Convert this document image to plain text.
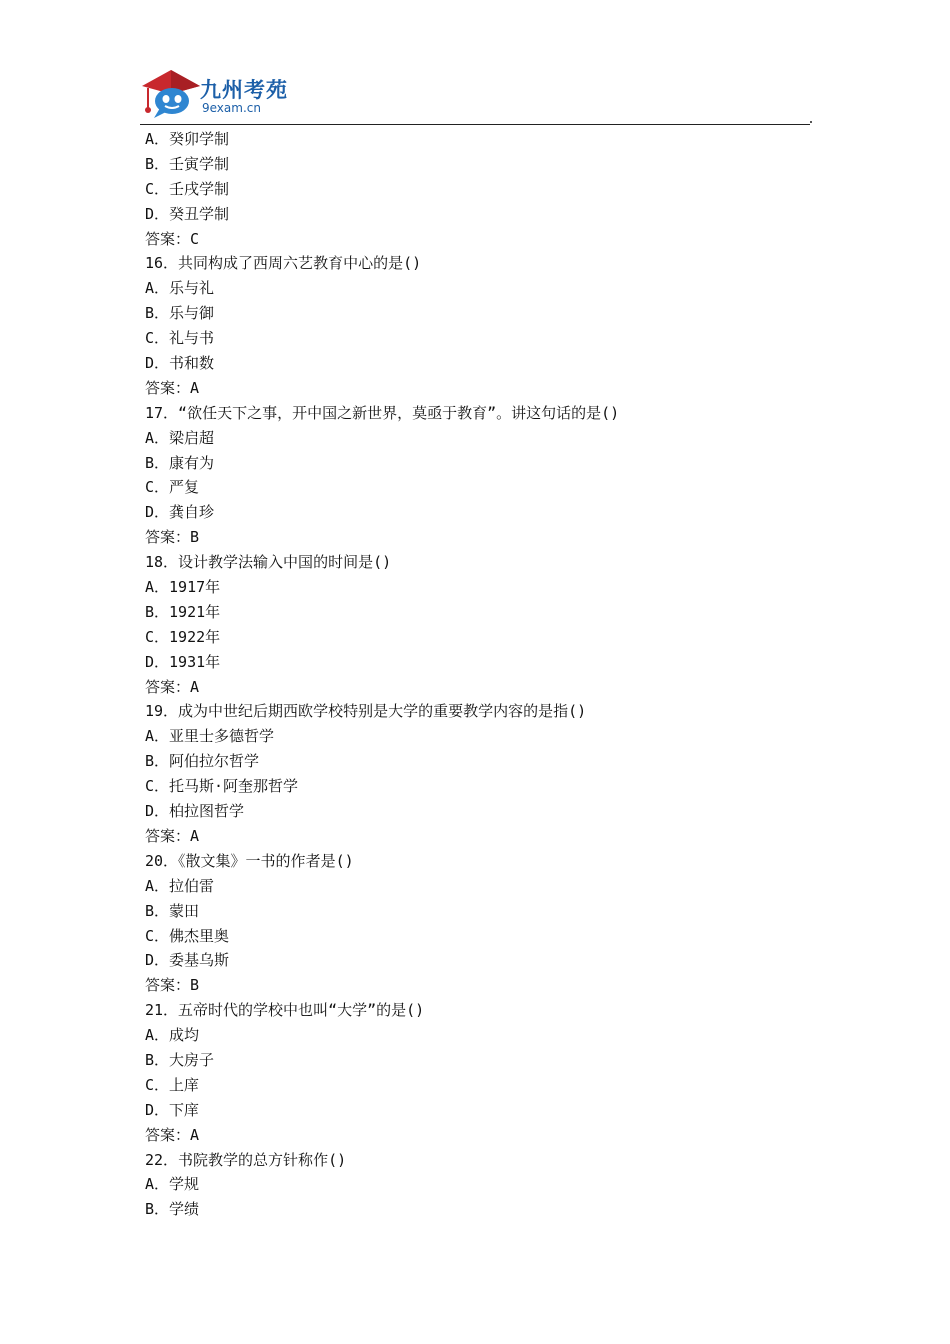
九州考苑
9exam.cn
A．癸卯学制
B．壬寅学制
C．壬戌学制
D．癸丑学制
答案：C
16．共同构成了西周六艺教育中心的是()
A．乐与礼
B．乐与御
C．礼与书
D．书和数
答案：A
17．“欲任天下之事，开中国之新世界，莫亟于教育”。讲这句话的是()
A．梁启超
B．康有为
C．严复
D．龚自珍
答案：B
18．设计教学法输入中国的时间是()
A．1917年
B．1921年
C．1922年
D．1931年
答案：A
19．成为中世纪后期西欧学校特别是大学的重要教学内容的是指()
A．亚里士多德哲学
B．阿伯拉尔哲学
C．托马斯·阿奎那哲学
D．柏拉图哲学
答案：A
20．《散文集》一书的作者是()
A．拉伯雷
B．蒙田
C．佛杰里奥
D．委基乌斯
答案：B
21．五帝时代的学校中也叫“大学”的是()
A．成均
B．大房子
C．上庠
D．下庠
答案：A
22．书院教学的总方针称作()
A．学规
B．学绩
